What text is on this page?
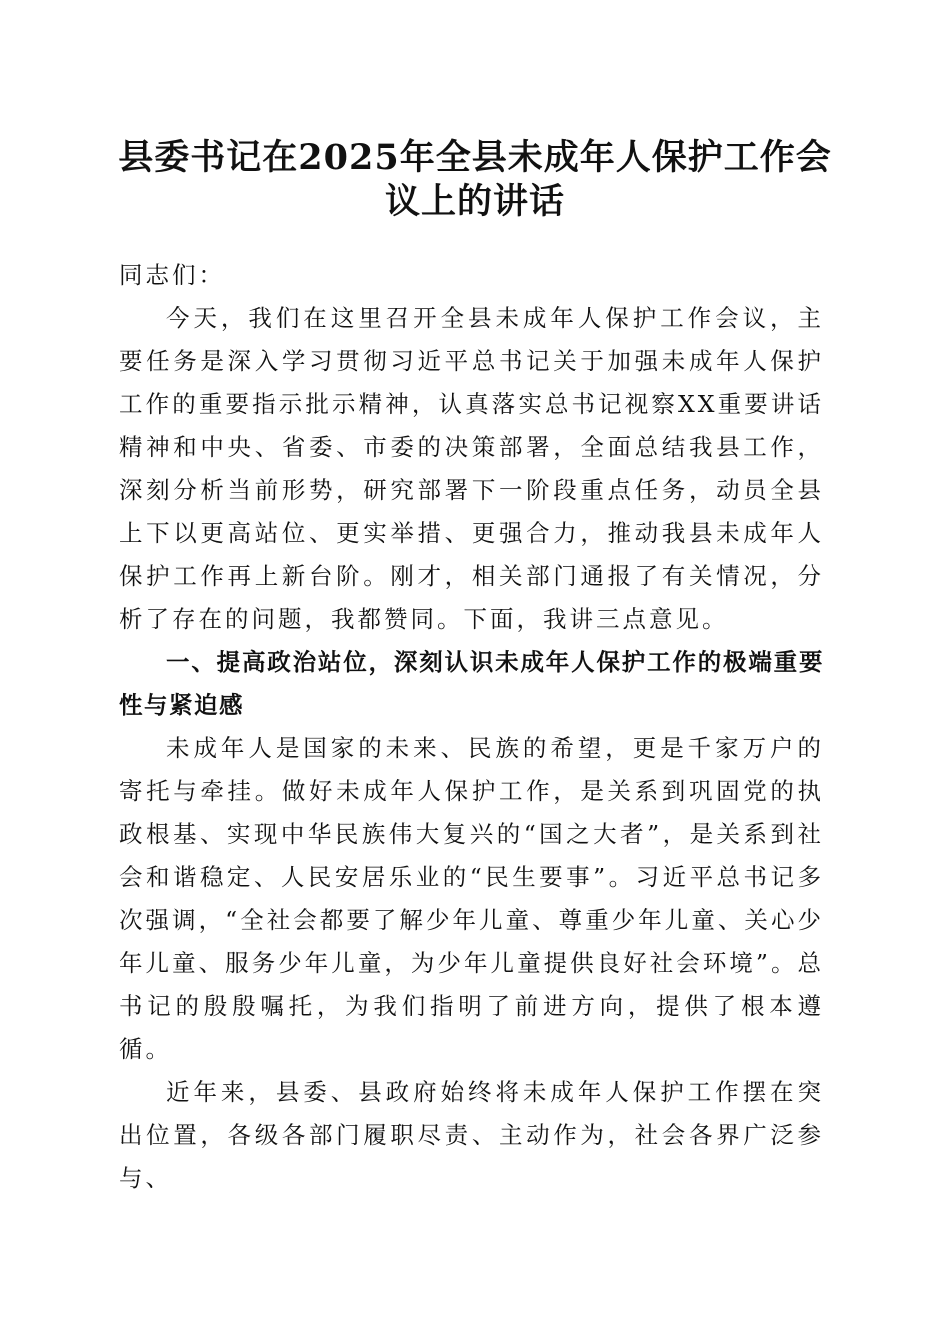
县委书记在2025年全县未成年人保护工作会议上的讲话

同志们：

今天，我们在这里召开全县未成年人保护工作会议，主要任务是深入学习贯彻习近平总书记关于加强未成年人保护工作的重要指示批示精神，认真落实总书记视察XX重要讲话精神和中央、省委、市委的决策部署，全面总结我县工作，深刻分析当前形势，研究部署下一阶段重点任务，动员全县上下以更高站位、更实举措、更强合力，推动我县未成年人保护工作再上新台阶。刚才，相关部门通报了有关情况，分析了存在的问题，我都赞同。下面，我讲三点意见。

一、提高政治站位，深刻认识未成年人保护工作的极端重要性与紧迫感

未成年人是国家的未来、民族的希望，更是千家万户的寄托与牵挂。做好未成年人保护工作，是关系到巩固党的执政根基、实现中华民族伟大复兴的“国之大者”，是关系到社会和谐稳定、人民安居乐业的“民生要事”。习近平总书记多次强调，“全社会都要了解少年儿童、尊重少年儿童、关心少年儿童、服务少年儿童，为少年儿童提供良好社会环境”。总书记的殷殷嘱托，为我们指明了前进方向，提供了根本遵循。

近年来，县委、县政府始终将未成年人保护工作摆在突出位置，各级各部门履职尽责、主动作为，社会各界广泛参与、
